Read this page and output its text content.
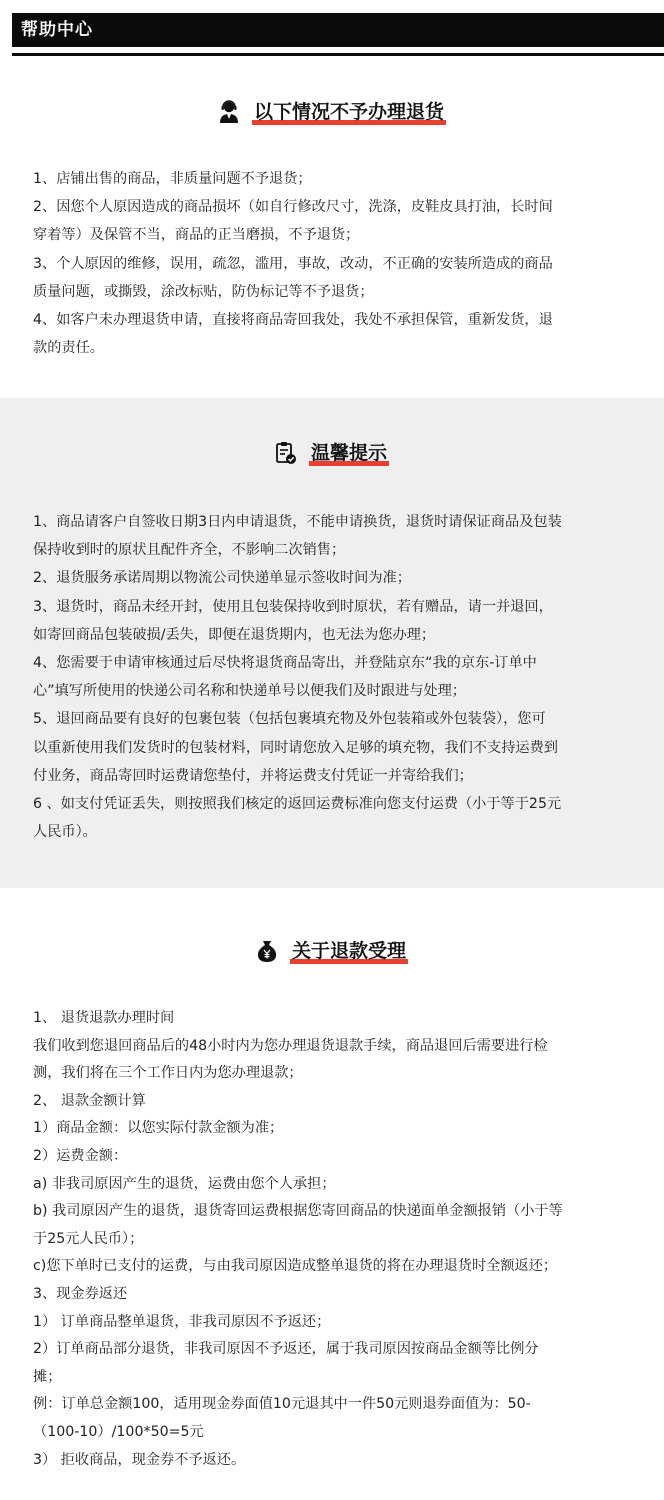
帮助中心
以下情况不予办理退货
1、店铺出售的商品，非质量问题不予退货；
2、因您个人原因造成的商品损坏（如自行修改尺寸，洗涤，皮鞋皮具打油，长时间
穿着等）及保管不当，商品的正当磨损，不予退货；
3、个人原因的维修，误用，疏忽，滥用，事故，改动，不正确的安装所造成的商品
质量问题，或撕毁，涂改标贴，防伪标记等不予退货；
4、如客户未办理退货申请，直接将商品寄回我处，我处不承担保管，重新发货，退
款的责任。
温馨提示
1、商品请客户自签收日期3日内申请退货，不能申请换货，退货时请保证商品及包装
保持收到时的原状且配件齐全，不影响二次销售；
2、退货服务承诺周期以物流公司快递单显示签收时间为准；
3、退货时，商品未经开封，使用且包装保持收到时原状，若有赠品，请一并退回，
如寄回商品包装破损/丢失，即便在退货期内，也无法为您办理；
4、您需要于申请审核通过后尽快将退货商品寄出，并登陆京东“我的京东-订单中
心”填写所使用的快递公司名称和快递单号以便我们及时跟进与处理；
5、退回商品要有良好的包裹包装（包括包裹填充物及外包装箱或外包装袋），您可
以重新使用我们发货时的包装材料，同时请您放入足够的填充物，我们不支持运费到
付业务，商品寄回时运费请您垫付，并将运费支付凭证一并寄给我们；
6 、如支付凭证丢失，则按照我们核定的返回运费标准向您支付运费（小于等于25元
人民币）。
关于退款受理
1、 退货退款办理时间
我们收到您退回商品后的48小时内为您办理退货退款手续，商品退回后需要进行检
测，我们将在三个工作日内为您办理退款；
2、 退款金额计算
1）商品金额：以您实际付款金额为准；
2）运费金额：
a) 非我司原因产生的退货，运费由您个人承担；
b) 我司原因产生的退货，退货寄回运费根据您寄回商品的快递面单金额报销（小于等
于25元人民币）；
c)您下单时已支付的运费，与由我司原因造成整单退货的将在办理退货时全额返还；
3、现金券返还
1） 订单商品整单退货，非我司原因不予返还；
2）订单商品部分退货，非我司原因不予返还，属于我司原因按商品金额等比例分
摊；
例：订单总金额100，适用现金券面值10元退其中一件50元则退券面值为：50-
（100-10）/100*50=5元
3） 拒收商品，现金券不予返还。
